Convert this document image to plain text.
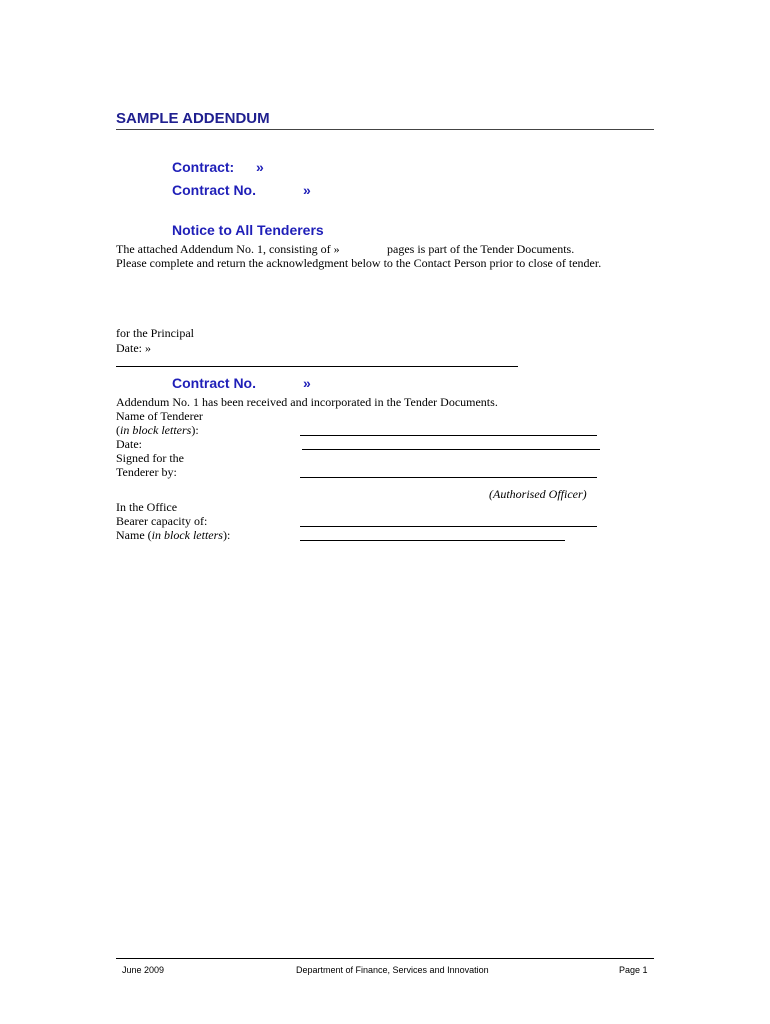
SAMPLE ADDENDUM
Contract: »
Contract No.	»
Notice to All Tenderers
The attached Addendum No. 1, consisting of »	pages is part of the Tender Documents.
Please complete and return the acknowledgment below to the Contact Person prior to close of tender.
for the Principal
Date: »
Contract No.	»
Addendum No. 1 has been received and incorporated in the Tender Documents.
Name of Tenderer
(in block letters):
Date:
Signed for the
Tenderer by:
(Authorised Officer)
In the Office
Bearer capacity of:
Name (in block letters):
June 2009	Department of Finance, Services and Innovation	Page 1
